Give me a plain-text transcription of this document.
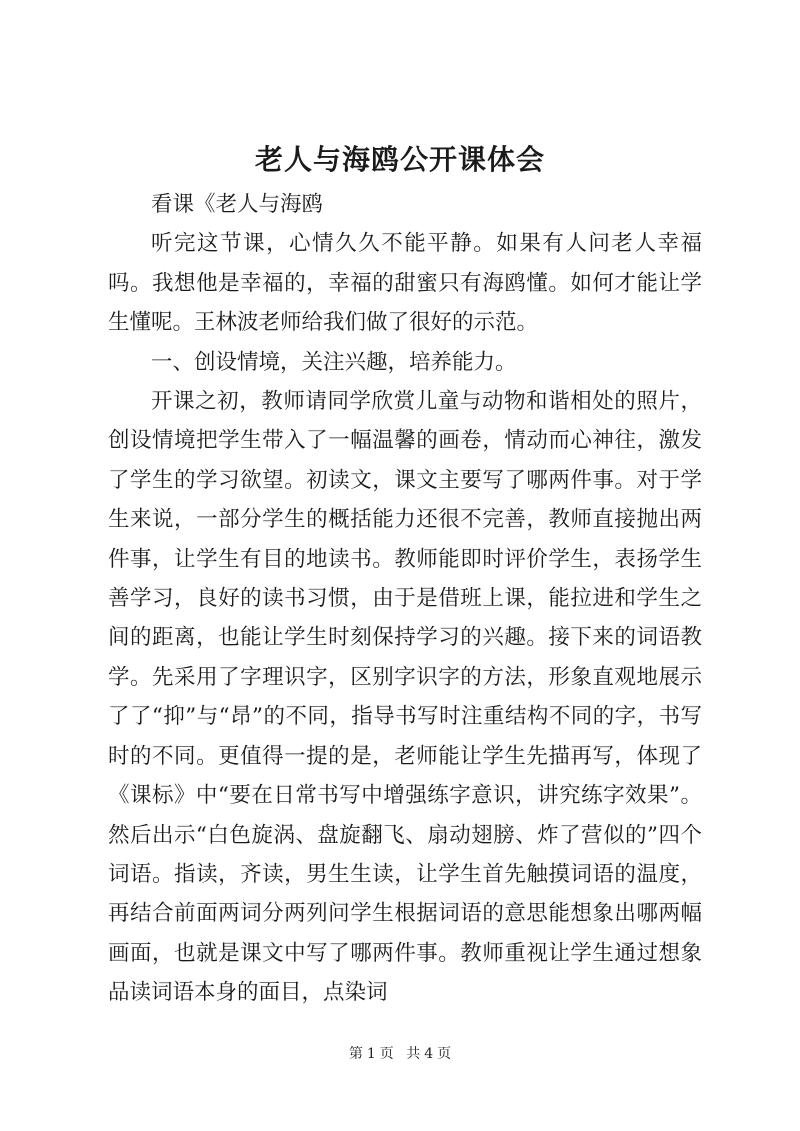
老人与海鸥公开课体会

看课《老人与海鸥

听完这节课，心情久久不能平静。如果有人问老人幸福吗。我想他是幸福的，幸福的甜蜜只有海鸥懂。如何才能让学生懂呢。王林波老师给我们做了很好的示范。

一、创设情境，关注兴趣，培养能力。

开课之初，教师请同学欣赏儿童与动物和谐相处的照片，创设情境把学生带入了一幅温馨的画卷，情动而心神往，激发了学生的学习欲望。初读文，课文主要写了哪两件事。对于学生来说，一部分学生的概括能力还很不完善，教师直接抛出两件事，让学生有目的地读书。教师能即时评价学生，表扬学生善学习，良好的读书习惯，由于是借班上课，能拉进和学生之间的距离，也能让学生时刻保持学习的兴趣。接下来的词语教学。先采用了字理识字，区别字识字的方法，形象直观地展示了了“抑”与“昂”的不同，指导书写时注重结构不同的字，书写时的不同。更值得一提的是，老师能让学生先描再写，体现了《课标》中“要在日常书写中增强练字意识，讲究练字效果”。然后出示“白色旋涡、盘旋翻飞、扇动翅膀、炸了营似的”四个词语。指读，齐读，男生生读，让学生首先触摸词语的温度，再结合前面两词分两列问学生根据词语的意思能想象出哪两幅画面，也就是课文中写了哪两件事。教师重视让学生通过想象品读词语本身的面目，点染词

第 1 页 共 4 页
